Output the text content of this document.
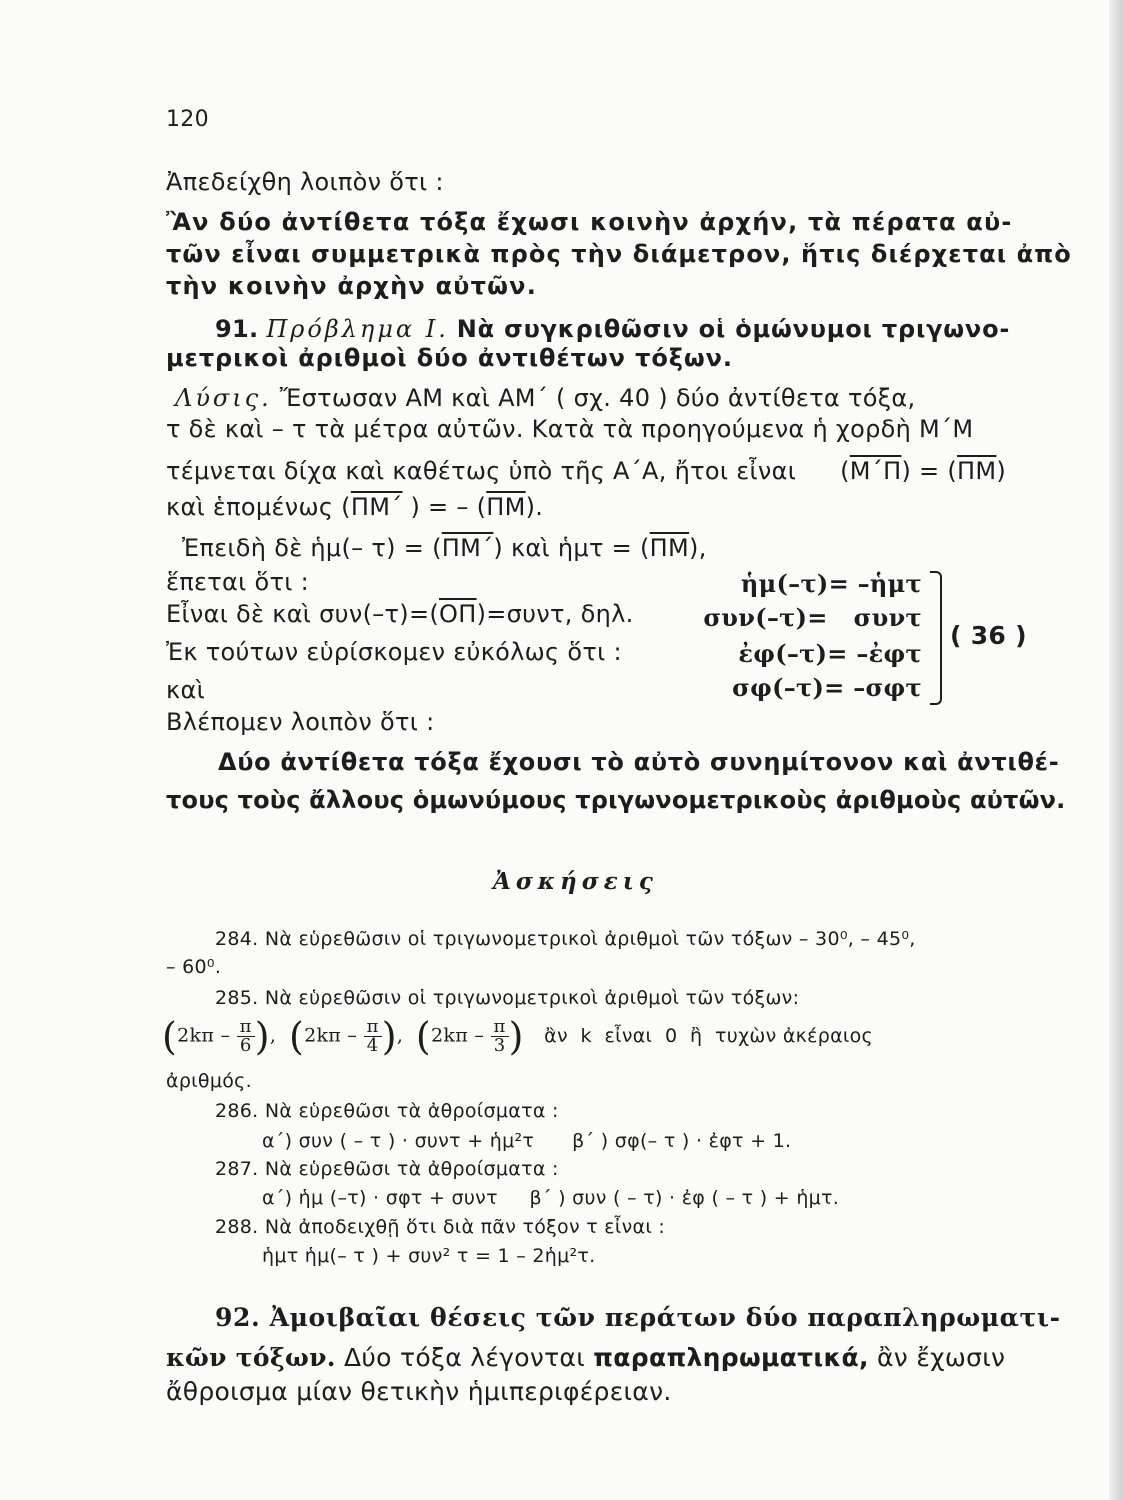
120
Ἀπεδείχθη λοιπὸν ὅτι :
Ἂν δύο ἀντίθετα τόξα ἔχωσι κοινὴν ἀρχήν, τὰ πέρατα αὐ-
τῶν εἶναι συμμετρικὰ πρὸς τὴν διάμετρον, ἥτις διέρχεται ἀπὸ
τὴν κοινὴν ἀρχὴν αὐτῶν.
91. Πρόβλημα Ι. Νὰ συγκριθῶσιν οἱ ὁμώνυμοι τριγωνο-
μετρικοὶ ἀριθμοὶ δύο ἀντιθέτων τόξων.
Λύσις. Ἔστωσαν ΑΜ καὶ ΑΜ΄ ( σχ. 40 ) δύο ἀντίθετα τόξα,
τ δὲ καὶ – τ τὰ μέτρα αὐτῶν. Κατὰ τὰ προηγούμενα ἡ χορδὴ Μ΄Μ
τέμνεται δίχα καὶ καθέτως ὑπὸ τῆς Α΄Α, ἤτοι εἶναι $(\overline{M΄\Pi}) = (\overline{\Pi M})$
καὶ ἑπομένως ($\overline{\Pi M΄}$ ) = – $(\overline{\Pi M})$.
Ἐπειδὴ δὲ ἡμ(– $\tau) = (\overline{\Pi M΄})$ καὶ ἡμτ = $(\overline{\Pi M})$,
ἕπεται ὅτι :
Εἶναι δὲ καὶ $\sigma\upsilon\nu(-\tau)=(\overline{O\Pi})=\sigma\upsilon\nu\tau$, δηλ.
Ἐκ τούτων εὑρίσκομεν εὐκόλως ὅτι :
καὶ
Βλέπομεν λοιπὸν ὅτι :
ἡμ(–τ)= –ἡμτ
συν(–τ)=   συντ
ἐφ(–τ)= –ἐφτ
σφ(–τ)= –σφτ
( 36 )
Δύο ἀντίθετα τόξα ἔχουσι τὸ αὐτὸ συνημίτονον καὶ ἀντιθέ-
τους τοὺς ἄλλους ὁμωνύμους τριγωνομετρικοὺς ἀριθμοὺς αὐτῶν.
Ἀσκήσεις
284. Νὰ εὑρεθῶσιν οἱ τριγωνομετρικοὶ ἀριθμοὶ τῶν τόξων – 30⁰, – 45⁰,
– 60⁰.
285. Νὰ εὑρεθῶσιν οἱ τριγωνομετρικοὶ ἀριθμοὶ τῶν τόξων:
($2k\pi - \frac{\pi}{6}$ ),  ($2k\pi - \frac{\pi}{4}$ ),  ($2k\pi - \frac{\pi}{3}$ ) ἂν  k  εἶναι  0  ἢ  τυχὼν ἀκέραιος
ἀριθμός.
286. Νὰ εὑρεθῶσι τὰ ἀθροίσματα :
α΄) συν ( – τ ) · συντ + ἡμ²τ      β΄ ) σφ(– τ ) · ἐφτ + 1.
287. Νὰ εὑρεθῶσι τὰ ἀθροίσματα :
α΄) ἡμ (–τ) · σφτ + συντ     β΄ ) συν ( – τ) · ἐφ ( – τ ) + ἡμτ.
288. Νὰ ἀποδειχθῇ ὅτι διὰ πᾶν τόξον τ εἶναι :
ἡμτ ἡμ(– τ ) + συν² τ = 1 – 2ἡμ²τ.
92. Ἀμοιβαῖαι θέσεις τῶν περάτων δύο παραπληρωματι-
κῶν τόξων. Δύο τόξα λέγονται παραπληρωματικά, ἂν ἔχωσιν
ἄθροισμα μίαν θετικὴν ἡμιπεριφέρειαν.
